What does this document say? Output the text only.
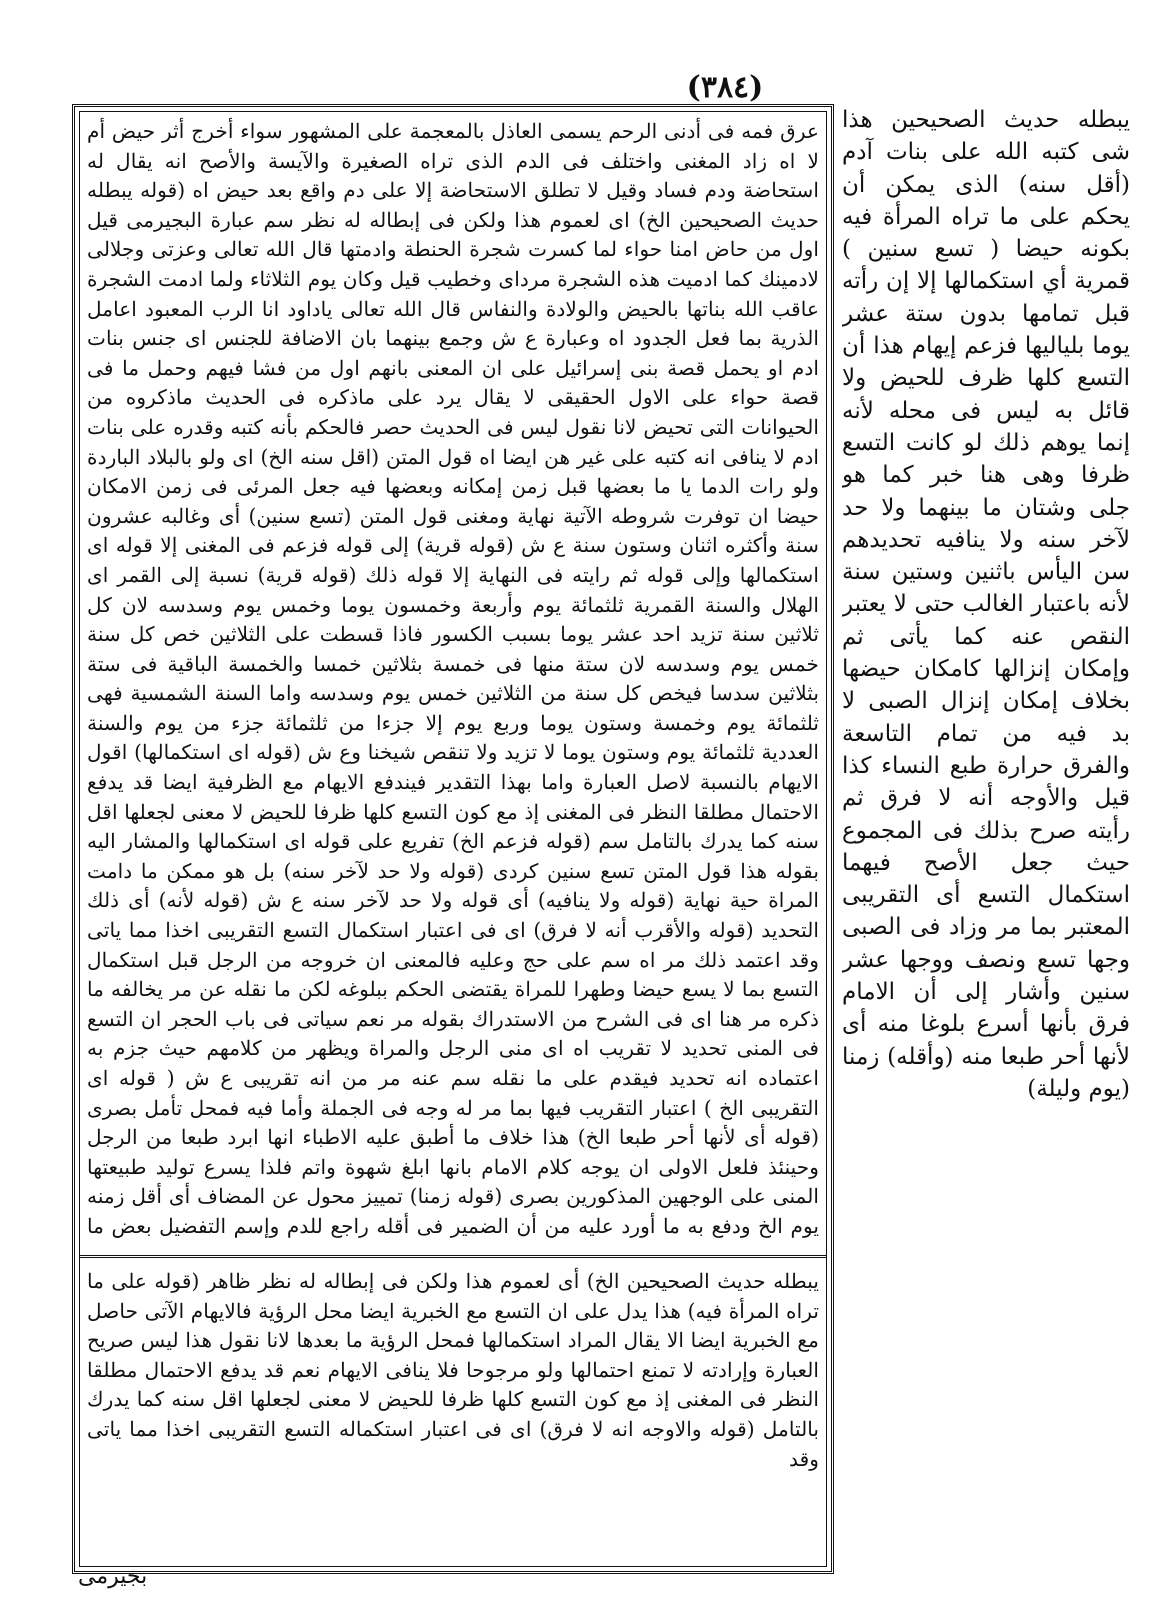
(٣٨٤)
عرق فمه فى أدنى الرحم يسمى العاذل بالمعجمة على المشهور سواء أخرج أثر حيض أم لا اه زاد المغنى واختلف فى الدم الذى تراه الصغيرة والآيسة والأصح انه يقال له استحاضة ودم فساد وقيل لا تطلق الاستحاضة إلا على دم واقع بعد حيض اه (قوله يبطله حديث الصحيحين الخ) اى لعموم هذا ولكن فى إبطاله له نظر سم عبارة البجيرمى قيل اول من حاض امنا حواء لما كسرت شجرة الحنطة وادمتها قال الله تعالى وعزتى وجلالى لادمينك كما ادميت هذه الشجرة مرداى وخطيب قيل وكان يوم الثلاثاء ولما ادمت الشجرة عاقب الله بناتها بالحيض والولادة والنفاس قال الله تعالى ياداود انا الرب المعبود اعامل الذرية بما فعل الجدود اه وعبارة ع ش وجمع بينهما بان الاضافة للجنس اى جنس بنات ادم او يحمل قصة بنى إسرائيل على ان المعنى بانهم اول من فشا فيهم وحمل ما فى قصة حواء على الاول الحقيقى لا يقال يرد على ماذكره فى الحديث ماذكروه من الحيوانات التى تحيض لانا نقول ليس فى الحديث حصر فالحكم بأنه كتبه وقدره على بنات ادم لا ينافى انه كتبه على غير هن ايضا اه قول المتن (اقل سنه الخ) اى ولو بالبلاد الباردة ولو رات الدما يا ما بعضها قبل زمن إمكانه وبعضها فيه جعل المرئى فى زمن الامكان حيضا ان توفرت شروطه الآتية نهاية ومغنى قول المتن (تسع سنين) أى وغالبه عشرون سنة وأكثره اثنان وستون سنة ع ش (قوله قرية) إلى قوله فزعم فى المغنى إلا قوله اى استكمالها وإلى قوله ثم رايته فى النهاية إلا قوله ذلك (قوله قرية) نسبة إلى القمر اى الهلال والسنة القمرية ثلثمائة يوم وأربعة وخمسون يوما وخمس يوم وسدسه لان كل ثلاثين سنة تزيد احد عشر يوما بسبب الكسور فاذا قسطت على الثلاثين خص كل سنة خمس يوم وسدسه لان ستة منها فى خمسة بثلاثين خمسا والخمسة الباقية فى ستة بثلاثين سدسا فيخص كل سنة من الثلاثين خمس يوم وسدسه واما السنة الشمسية فهى ثلثمائة يوم وخمسة وستون يوما وربع يوم إلا جزءا من ثلثمائة جزء من يوم والسنة العددية ثلثمائة يوم وستون يوما لا تزيد ولا تنقص شيخنا وع ش (قوله اى استكمالها) اقول الايهام بالنسبة لاصل العبارة واما بهذا التقدير فيندفع الايهام مع الظرفية ايضا قد يدفع الاحتمال مطلقا النظر فى المغنى إذ مع كون التسع كلها ظرفا للحيض لا معنى لجعلها اقل سنه كما يدرك بالتامل سم (قوله فزعم الخ) تفريع على قوله اى استكمالها والمشار اليه بقوله هذا قول المتن تسع سنين كردى (قوله ولا حد لآخر سنه) بل هو ممكن ما دامت المراة حية نهاية (قوله ولا ينافيه) أى قوله ولا حد لآخر سنه ع ش (قوله لأنه) أى ذلك التحديد (قوله والأقرب أنه لا فرق) اى فى اعتبار استكمال التسع التقريبى اخذا مما ياتى وقد اعتمد ذلك مر اه سم على حج وعليه فالمعنى ان خروجه من الرجل قبل استكمال التسع بما لا يسع حيضا وطهرا للمراة يقتضى الحكم ببلوغه لكن ما نقله عن مر يخالفه ما ذكره مر هنا اى فى الشرح من الاستدراك بقوله مر نعم سياتى فى باب الحجر ان التسع فى المنى تحديد لا تقريب اه اى منى الرجل والمراة ويظهر من كلامهم حيث جزم به اعتماده انه تحديد فيقدم على ما نقله سم عنه مر من انه تقريبى ع ش ( قوله اى التقريبى الخ ) اعتبار التقريب فيها بما مر له وجه فى الجملة وأما فيه فمحل تأمل بصرى (قوله أى لأنها أحر طبعا الخ) هذا خلاف ما أطبق عليه الاطباء انها ابرد طبعا من الرجل وحينئذ فلعل الاولى ان يوجه كلام الامام بانها ابلغ شهوة واتم فلذا يسرع توليد طبيعتها المنى على الوجهين المذكورين بصرى (قوله زمنا) تمييز محول عن المضاف أى أقل زمنه يوم الخ ودفع به ما أورد عليه من أن الضمير فى أقله راجع للدم وإسم التفضيل بعض ما
يبطله حديث الصحيحين الخ) أى لعموم هذا ولكن فى إبطاله له نظر ظاهر (قوله على ما تراه المرأة فيه) هذا يدل على ان التسع مع الخبرية ايضا محل الرؤية فالايهام الآتى حاصل مع الخبرية ايضا الا يقال المراد استكمالها فمحل الرؤية ما بعدها لانا نقول هذا ليس صريح العبارة وإرادته لا تمنع احتمالها ولو مرجوحا فلا ينافى الايهام نعم قد يدفع الاحتمال مطلقا النظر فى المغنى إذ مع كون التسع كلها ظرفا للحيض لا معنى لجعلها اقل سنه كما يدرك بالتامل (قوله والاوجه انه لا فرق) اى فى اعتبار استكماله التسع التقريبى اخذا مما ياتى وقد
يبطله حديث الصحيحين هذا شى كتبه الله على بنات آدم (أقل سنه) الذى يمكن أن يحكم على ما تراه المرأة فيه بكونه حيضا ( تسع سنين ) قمرية أي استكمالها إلا إن رأته قبل تمامها بدون ستة عشر يوما بلياليها فزعم إيهام هذا أن التسع كلها ظرف للحيض ولا قائل به ليس فى محله لأنه إنما يوهم ذلك لو كانت التسع ظرفا وهى هنا خبر كما هو جلى وشتان ما بينهما ولا حد لآخر سنه ولا ينافيه تحديدهم سن اليأس باثنين وستين سنة لأنه باعتبار الغالب حتى لا يعتبر النقص عنه كما يأتى ثم وإمكان إنزالها كامكان حيضها بخلاف إمكان إنزال الصبى لا بد فيه من تمام التاسعة والفرق حرارة طبع النساء كذا قيل والأوجه أنه لا فرق ثم رأيته صرح بذلك فى المجموع حيث جعل الأصح فيهما استكمال التسع أى التقريبى المعتبر بما مر وزاد فى الصبى وجها تسع ونصف ووجها عشر سنين وأشار إلى أن الامام فرق بأنها أسرع بلوغا منه أى لأنها أحر طبعا منه (وأقله) زمنا (يوم وليلة)
بجيرمى
